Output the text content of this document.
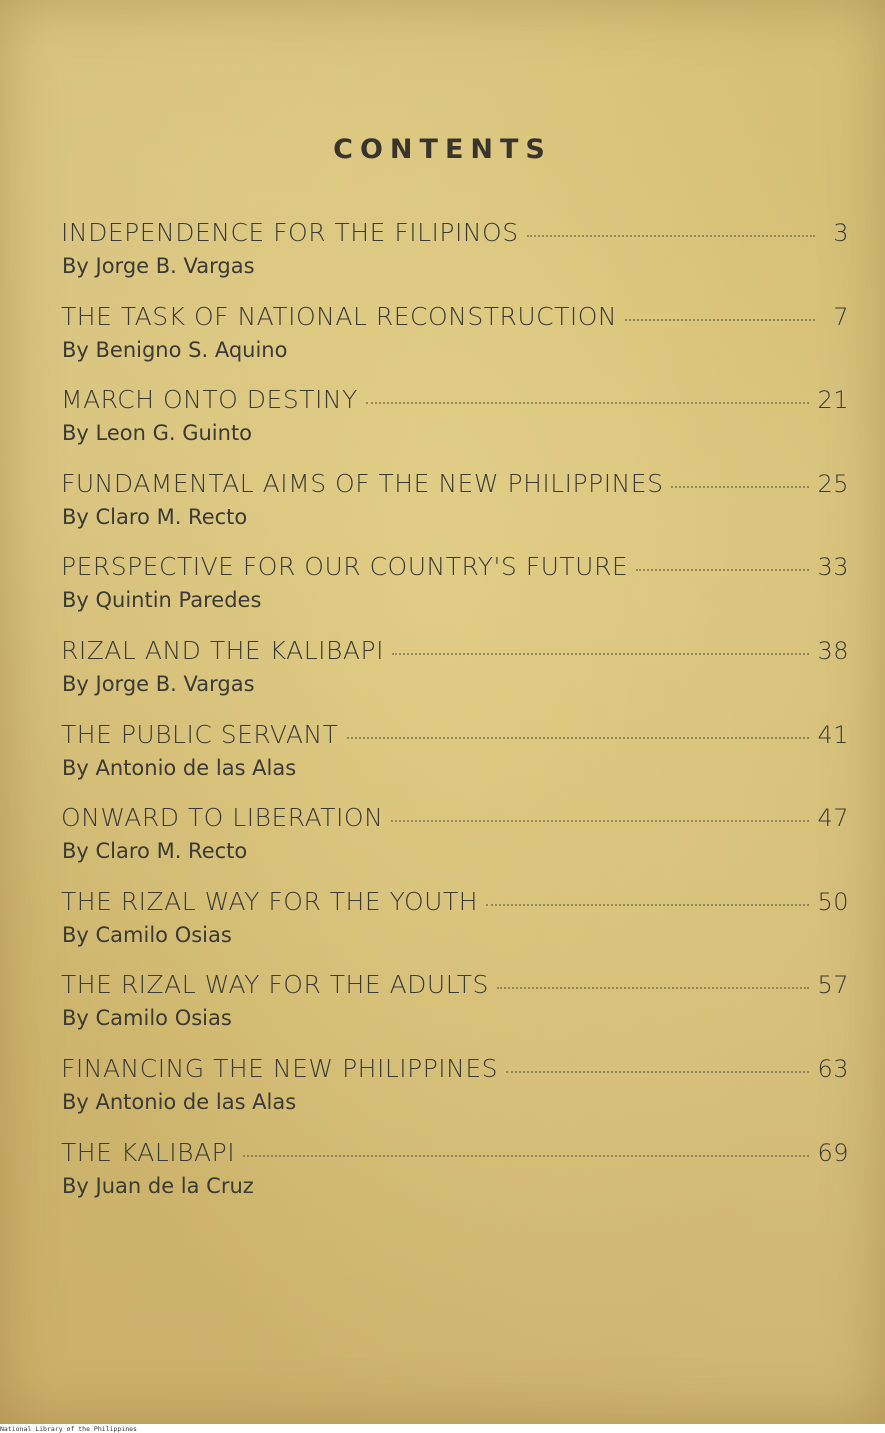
CONTENTS
INDEPENDENCE FOR THE FILIPINOS	3
By Jorge B. Vargas
THE TASK OF NATIONAL RECONSTRUCTION	7
By Benigno S. Aquino
MARCH ONTO DESTINY	21
By Leon G. Guinto
FUNDAMENTAL AIMS OF THE NEW PHILIPPINES	25
By Claro M. Recto
PERSPECTIVE FOR OUR COUNTRY'S FUTURE	33
By Quintin Paredes
RIZAL AND THE KALIBAPI	38
By Jorge B. Vargas
THE PUBLIC SERVANT	41
By Antonio de las Alas
ONWARD TO LIBERATION	47
By Claro M. Recto
THE RIZAL WAY FOR THE YOUTH	50
By Camilo Osias
THE RIZAL WAY FOR THE ADULTS	57
By Camilo Osias
FINANCING THE NEW PHILIPPINES	63
By Antonio de las Alas
THE KALIBAPI	69
By Juan de la Cruz
National Library of the Philippines
